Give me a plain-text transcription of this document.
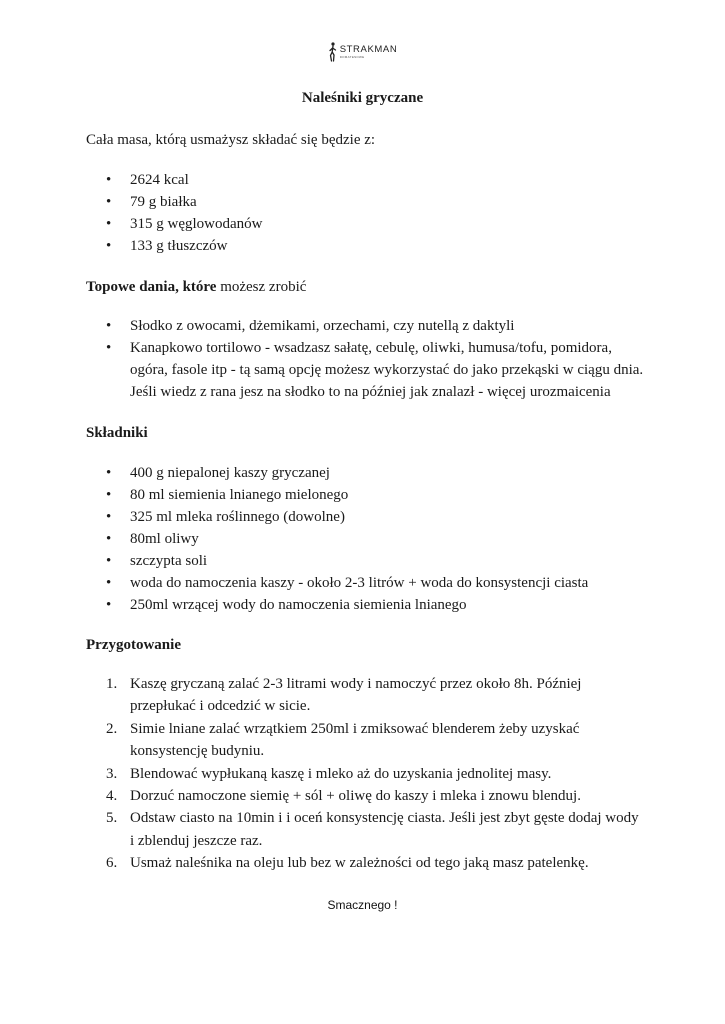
STRAKMAN
DOMATESOWE
Naleśniki gryczane

Cała masa, którą usmażysz składać się będzie z:

• 2624 kcal
• 79 g białka
• 315 g węglowodanów
• 133 g tłuszczów

Topowe dania, które możesz zrobić

• Słodko z owocami, dżemikami, orzechami, czy nutellą z daktyli
• Kanapkowo tortilowo - wsadzasz sałatę, cebulę, oliwki, humusa/tofu, pomidora, ogóra, fasole itp - tą samą opcję możesz wykorzystać do jako przekąski w ciągu dnia. Jeśli wiedz z rana jesz na słodko to na później jak znalazł - więcej urozmaicenia

Składniki

• 400 g niepalonej kaszy gryczanej
• 80 ml siemienia lnianego mielonego
• 325 ml mleka roślinnego (dowolne)
• 80ml oliwy
• szczypta soli
• woda do namoczenia kaszy - około 2-3 litrów + woda do konsystencji ciasta
• 250ml wrzącej wody do namoczenia siemienia lnianego

Przygotowanie

1. Kaszę gryczaną zalać 2-3 litrami wody i namoczyć przez około 8h. Później przepłukać i odcedzić w sicie.
2. Simie lniane zalać wrzątkiem 250ml i zmiksować blenderem żeby uzyskać konsystencję budyniu.
3. Blendować wypłukaną kaszę i mleko aż do uzyskania jednolitej masy.
4. Dorzuć namoczone siemię + sól + oliwę do kaszy i mleka i znowu blenduj.
5. Odstaw ciasto na 10min i i oceń konsystencję ciasta. Jeśli jest zbyt gęste dodaj wody i zblenduj jeszcze raz.
6. Usmaż naleśnika na oleju lub bez w zależności od tego jaką masz patelenkę.
Smacznego !
